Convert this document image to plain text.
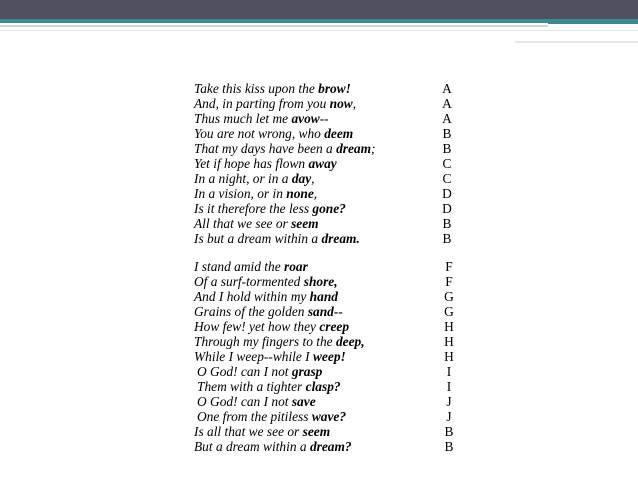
Take this kiss upon the brow!	A
And, in parting from you now,	A
Thus much let me avow--	A
You are not wrong, who deem	B
That my days have been a dream;	B
Yet if hope has flown away	C
In a night, or in a day,	C
In a vision, or in none,	D
Is it therefore the less gone?	D
All that we see or seem	B
Is but a dream within a dream.	B
I stand amid the roar	F
Of a surf-tormented shore,	F
And I hold within my hand	G
Grains of the golden sand--	G
How few! yet how they creep	H
Through my fingers to the deep,	H
While I weep--while I weep!	H
O God! can I not grasp	I
Them with a tighter clasp?	I
O God! can I not save	J
One from the pitiless wave?	J
Is all that we see or seem	B
But a dream within a dream?	B
